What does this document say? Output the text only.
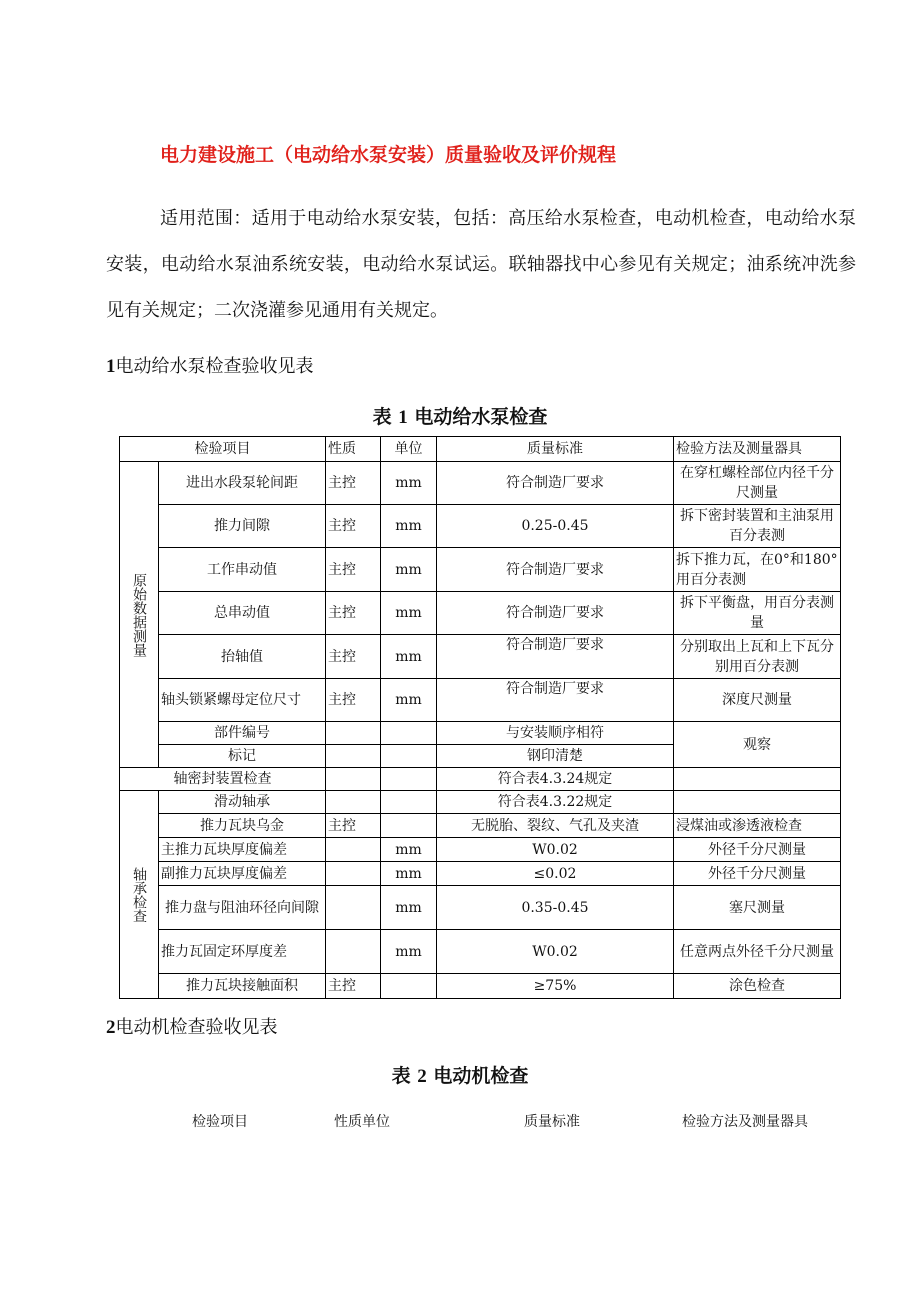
电力建设施工（电动给水泵安装）质量验收及评价规程
适用范围：适用于电动给水泵安装，包括：高压给水泵检查，电动机检查，电动给水泵安装，电动给水泵油系统安装，电动给水泵试运。联轴器找中心参见有关规定；油系统冲洗参见有关规定；二次浇灌参见通用有关规定。
1电动给水泵检查验收见表
表 1 电动给水泵检查
检验项目		性质	单位	质量标准	检验方法及测量器具
原始数据测量	进出水段泵轮间距	主控	mm	符合制造厂要求	在穿杠螺栓部位内径千分尺测量
	推力间隙	主控	mm	0.25-0.45	拆下密封装置和主油泵用百分表测
	工作串动值	主控	mm	符合制造厂要求	拆下推力瓦，在0°和180°用百分表测
	总串动值	主控	mm	符合制造厂要求	拆下平衡盘，用百分表测量
	抬轴值	主控	mm	符合制造厂要求	分别取出上瓦和上下瓦分别用百分表测
	轴头锁紧螺母定位尺寸	主控	mm	符合制造厂要求	深度尺测量
	部件编号			与安装顺序相符	观察
	标记			钢印清楚	
轴密封装置检查				符合表4.3.24规定	
轴承检查	滑动轴承			符合表4.3.22规定	
	推力瓦块乌金	主控		无脱胎、裂纹、气孔及夹渣	浸煤油或渗透液检查
	主推力瓦块厚度偏差		mm	W0.02	外径千分尺测量
	副推力瓦块厚度偏差		mm	≤0.02	外径千分尺测量
	推力盘与阻油环径向间隙		mm	0.35-0.45	塞尺测量
	推力瓦固定环厚度差		mm	W0.02	任意两点外径千分尺测量
	推力瓦块接触面积	主控		≥75%	涂色检查
2电动机检查验收见表
表 2 电动机检查
检验项目	性质单位	质量标准	检验方法及测量器具
